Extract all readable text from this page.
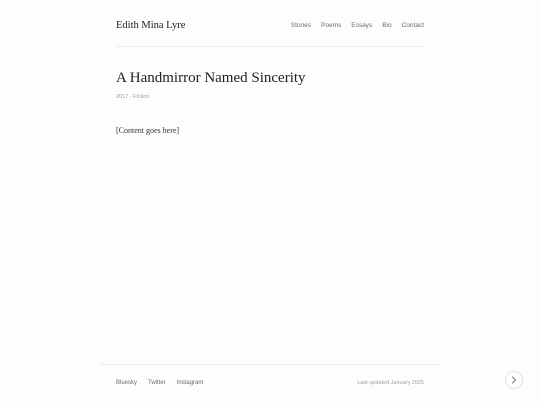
Edith Mina Lyre	Stories Poems Essays Bio Contact
A Handmirror Named Sincerity
2017 · Fiction
[Content goes here]
Bluesky Twitter Instagram	Last updated January 2025
